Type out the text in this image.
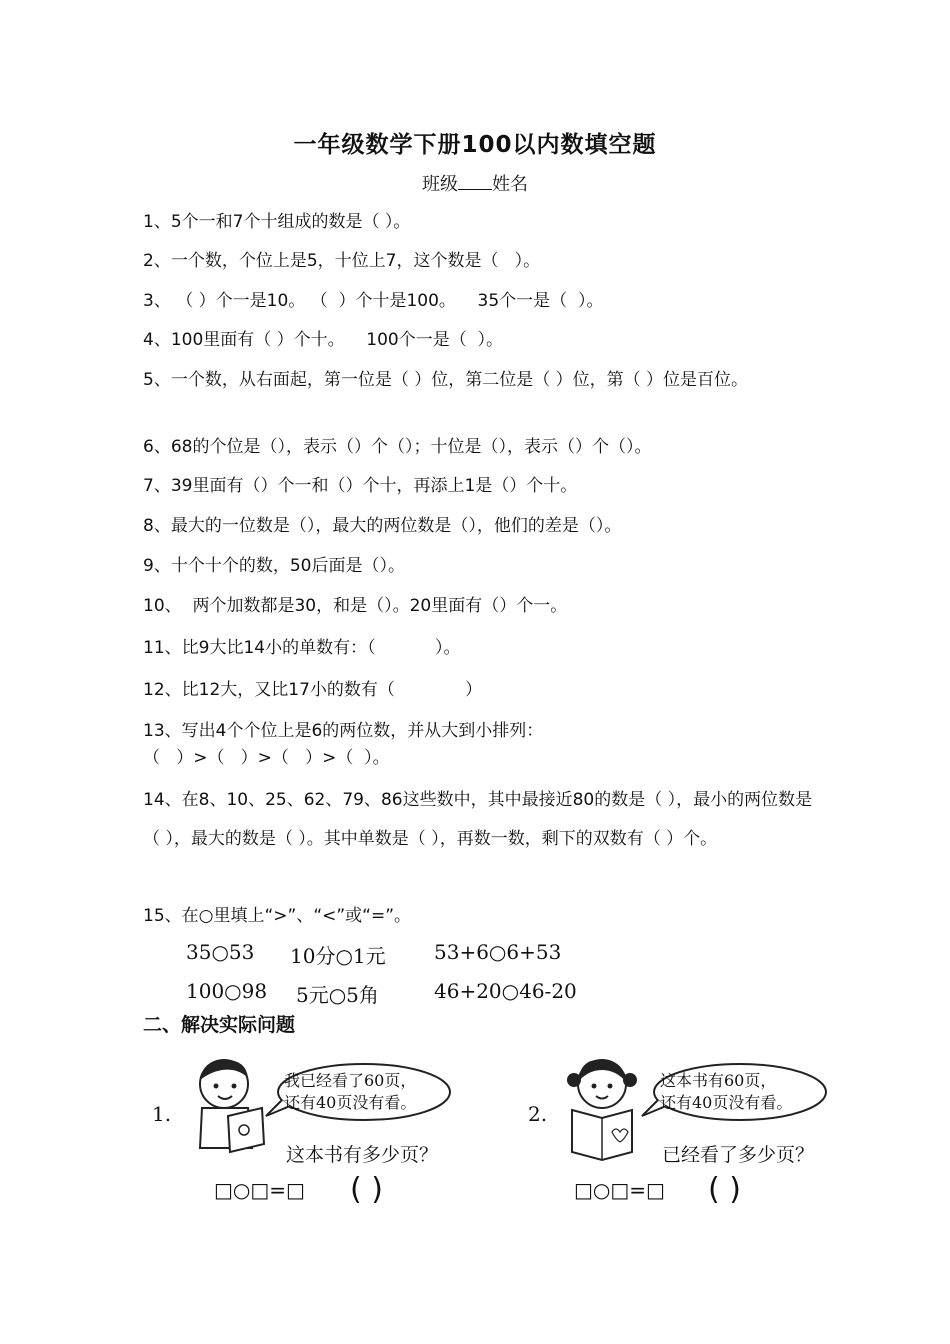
一年级数学下册100以内数填空题
班级 姓名
1、5个一和7个十组成的数是（ ）。
2、一个数，个位上是5，十位上7，这个数是（   ）。
3、 （ ）个一是10。 （  ）个十是100。    35个一是（  ）。
4、100里面有（ ）个十。    100个一是（  ）。
5、一个数，从右面起，第一位是（ ）位，第二位是（ ）位，第（ ）位是百位。
6、68的个位是（），表示（）个（）；十位是（），表示（）个（）。
7、39里面有（）个一和（）个十，再添上1是（）个十。
8、最大的一位数是（），最大的两位数是（），他们的差是（）。
9、十个十个的数，50后面是（）。
10、  两个加数都是30，和是（）。20里面有（）个一。
11、比9大比14小的单数有：（           ）。
12、比12大，又比17小的数有（             ）
13、写出4个个位上是6的两位数，并从大到小排列：
（   ）>（   ）>（   ）>（  ）。
14、在8、10、25、62、79、86这些数中，其中最接近80的数是（ ），最小的两位数是（ ），最大的数是（ ）。其中单数是（ ），再数一数，剩下的双数有（ ）个。
15、在○里填上“>”、“<”或“=”。
35○53 10分○1元 53+6○6+53
100○98 5元○5角	46+20○46-20
二、解决实际问题
1.
我已经看了60页，
还有40页没有看。
这本书有多少页？
□○□=□ ( )
2.
这本书有60页，
还有40页没有看。
已经看了多少页？
□○□=□ ( )
